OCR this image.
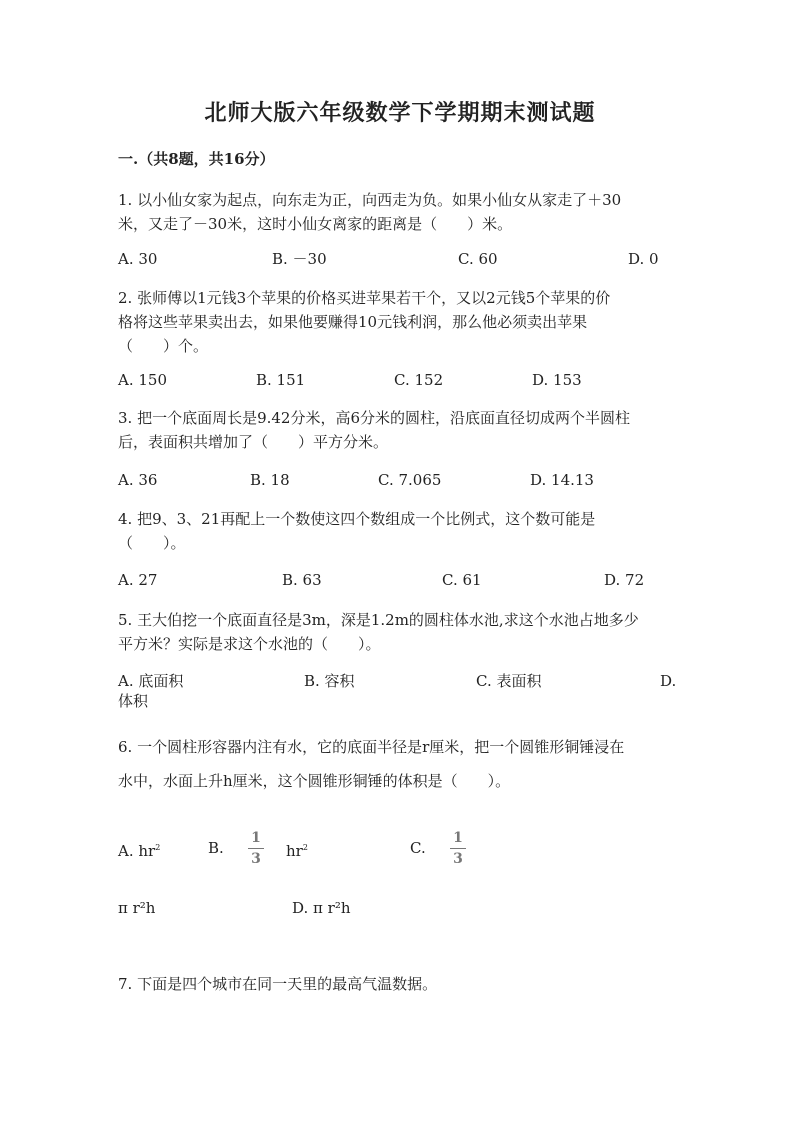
北师大版六年级数学下学期期末测试题
一.（共8题，共16分）
1. 以小仙女家为起点，向东走为正，向西走为负。如果小仙女从家走了＋30
米，又走了－30米，这时小仙女离家的距离是（　　）米。
A. 30	B. －30	C. 60	D. 0
2. 张师傅以1元钱3个苹果的价格买进苹果若干个，又以2元钱5个苹果的价
格将这些苹果卖出去，如果他要赚得10元钱利润，那么他必须卖出苹果
（　　）个。
A. 150	B. 151	C. 152	D. 153
3. 把一个底面周长是9.42分米，高6分米的圆柱，沿底面直径切成两个半圆柱
后，表面积共增加了（　　）平方分米。
A. 36	B. 18	C. 7.065	D. 14.13
4. 把9、3、21再配上一个数使这四个数组成一个比例式，这个数可能是
（　　）。
A. 27	B. 63	C. 61	D. 72
5. 王大伯挖一个底面直径是3m，深是1.2m的圆柱体水池,求这个水池占地多少
平方米？实际是求这个水池的（　　）。
A. 底面积	B. 容积	C. 表面积	D.
体积
6. 一个圆柱形容器内注有水，它的底面半径是r厘米，把一个圆锥形铜锤浸在
水中，水面上升h厘米，这个圆锥形铜锤的体积是（　　）。
A. $hr^2$	B.
1
3 $hr^2$	C.
1
3
π r²h	D. π r²h
7. 下面是四个城市在同一天里的最高气温数据。
